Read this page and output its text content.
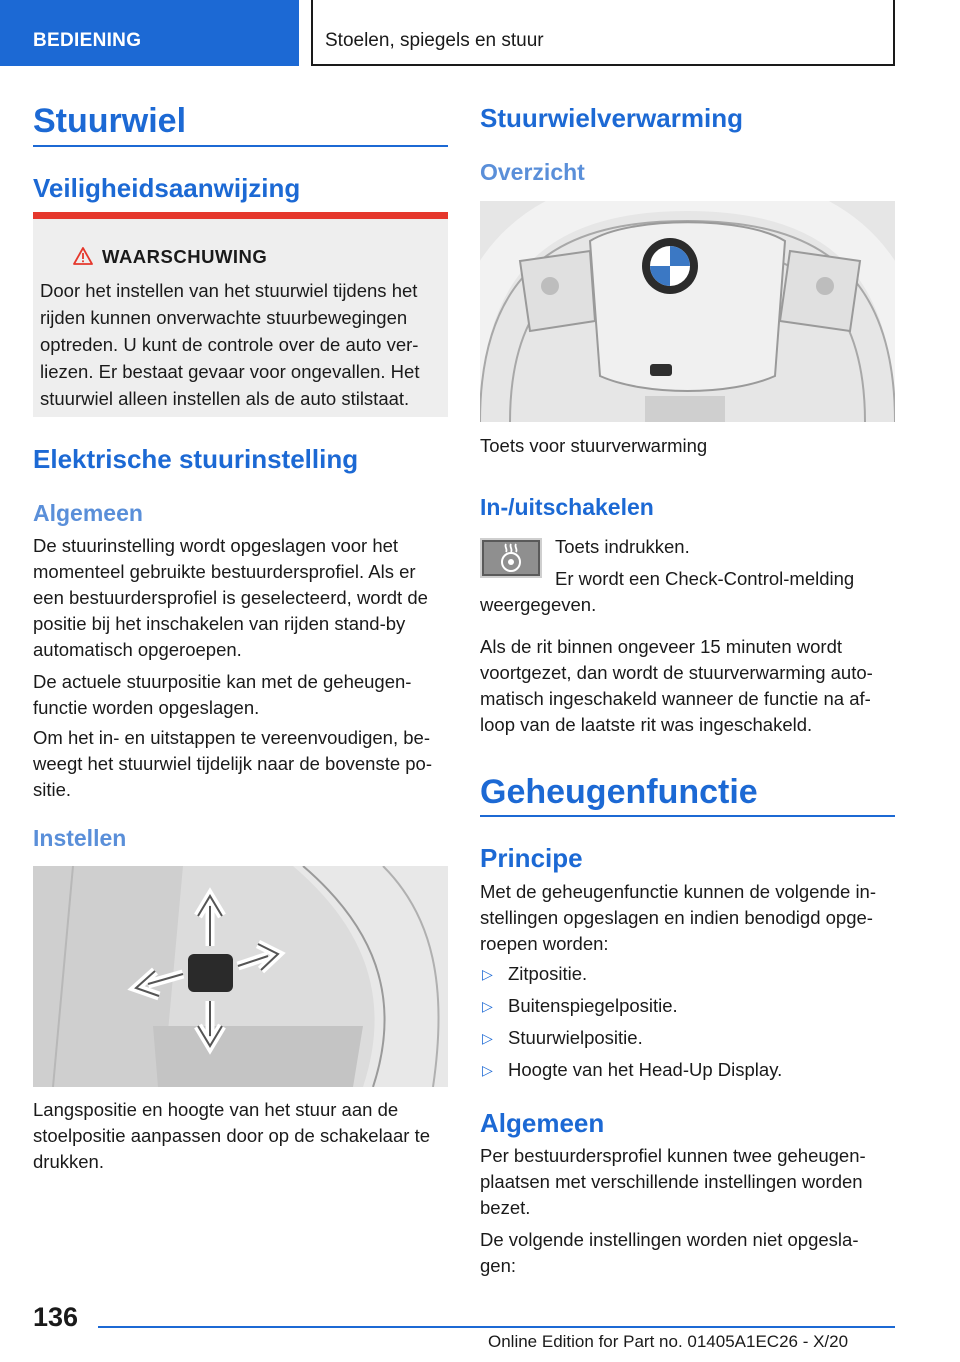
BEDIENING	Stoelen, spiegels en stuur
Stuurwiel
Veiligheidsaanwijzing
WAARSCHUWING
Door het instellen van het stuurwiel tijdens het
rijden kunnen onverwachte stuurbewegingen
optreden. U kunt de controle over de auto ver-
liezen. Er bestaat gevaar voor ongevallen. Het
stuurwiel alleen instellen als de auto stilstaat.
Elektrische stuurinstelling
Algemeen
De stuurinstelling wordt opgeslagen voor het
momenteel gebruikte bestuurdersprofiel. Als er
een bestuurdersprofiel is geselecteerd, wordt de
positie bij het inschakelen van rijden stand-by
automatisch opgeroepen.
De actuele stuurpositie kan met de geheugen-
functie worden opgeslagen.
Om het in- en uitstappen te vereenvoudigen, be-
weegt het stuurwiel tijdelijk naar de bovenste po-
sitie.
Instellen
Langspositie en hoogte van het stuur aan de
stoelpositie aanpassen door op de schakelaar te
drukken.
Stuurwielverwarming
Overzicht
Toets voor stuurverwarming
In-/uitschakelen
Toets indrukken.
Er wordt een Check-Control-melding
weergegeven.
Als de rit binnen ongeveer 15 minuten wordt
voortgezet, dan wordt de stuurverwarming auto-
matisch ingeschakeld wanneer de functie na af-
loop van de laatste rit was ingeschakeld.
Geheugenfunctie
Principe
Met de geheugenfunctie kunnen de volgende in-
stellingen opgeslagen en indien benodigd opge-
roepen worden:
▷ Zitpositie.
▷ Buitenspiegelpositie.
▷ Stuurwielpositie.
▷ Hoogte van het Head-Up Display.
Algemeen
Per bestuurdersprofiel kunnen twee geheugen-
plaatsen met verschillende instellingen worden
bezet.
De volgende instellingen worden niet opgesla-
gen:
136
Online Edition for Part no. 01405A1EC26 - X/20
